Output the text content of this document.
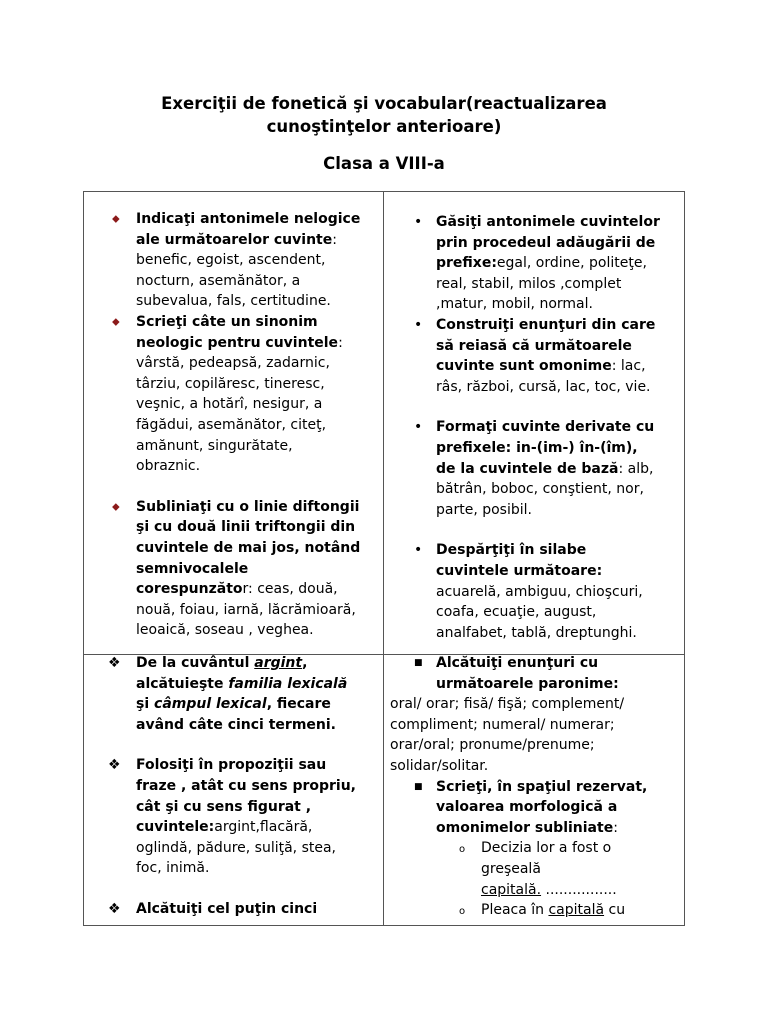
Exerciţii de fonetică şi vocabular(reactualizarea
cunoştinţelor anterioare)
Clasa a VIII-a
⬥ Indicaţi antonimele nelogice
ale următoarelor cuvinte:
benefic, egoist, ascendent,
nocturn, asemănător, a
subevalua, fals, certitudine.
⬥ Scrieţi câte un sinonim
neologic pentru cuvintele:
vârstă, pedeapsă, zadarnic,
târziu, copilăresc, tineresc,
veşnic, a hotărî, nesigur, a
făgădui, asemănător, citeţ,
amănunt, singurătate,
obraznic.
⬥ Subliniaţi cu o linie diftongii
şi cu două linii triftongii din
cuvintele de mai jos, notând
semnivocalele
corespunzător: ceas, două,
nouă, foiau, iarnă, lăcrămioară,
leoaică, soseau , veghea.
• Găsiţi antonimele cuvintelor
prin procedeul adăugării de
prefixe:egal, ordine, politeţe,
real, stabil, milos ,complet
,matur, mobil, normal.
• Construiţi enunţuri din care
să reiasă că următoarele
cuvinte sunt omonime: lac,
râs, război, cursă, lac, toc, vie.
• Formaţi cuvinte derivate cu
prefixele: in-(im-) în-(îm),
de la cuvintele de bază: alb,
bătrân, boboc, conştient, nor,
parte, posibil.
• Despărţiţi în silabe
cuvintele următoare:
acuarelă, ambiguu, chioşcuri,
coafa, ecuaţie, august,
analfabet, tablă, dreptunghi.
❖ De la cuvântul argint,
alcătuieşte familia lexicală
şi câmpul lexical, fiecare
având câte cinci termeni.
❖ Folosiţi în propoziţii sau
fraze , atât cu sens propriu,
cât şi cu sens figurat ,
cuvintele:argint,flacără,
oglindă, pădure, suliţă, stea,
foc, inimă.
❖ Alcătuiţi cel puţin cinci
■ Alcătuiţi enunţuri cu
următoarele paronime:
oral/ orar; fisă/ fişă; complement/
compliment; numeral/ numerar;
orar/oral; pronume/prenume;
solidar/solitar.
■ Scrieţi, în spaţiul rezervat,
valoarea morfologică a
omonimelor subliniate:
o Decizia lor a fost o
greşeală
capitală. ................
o Pleaca în capitală cu
